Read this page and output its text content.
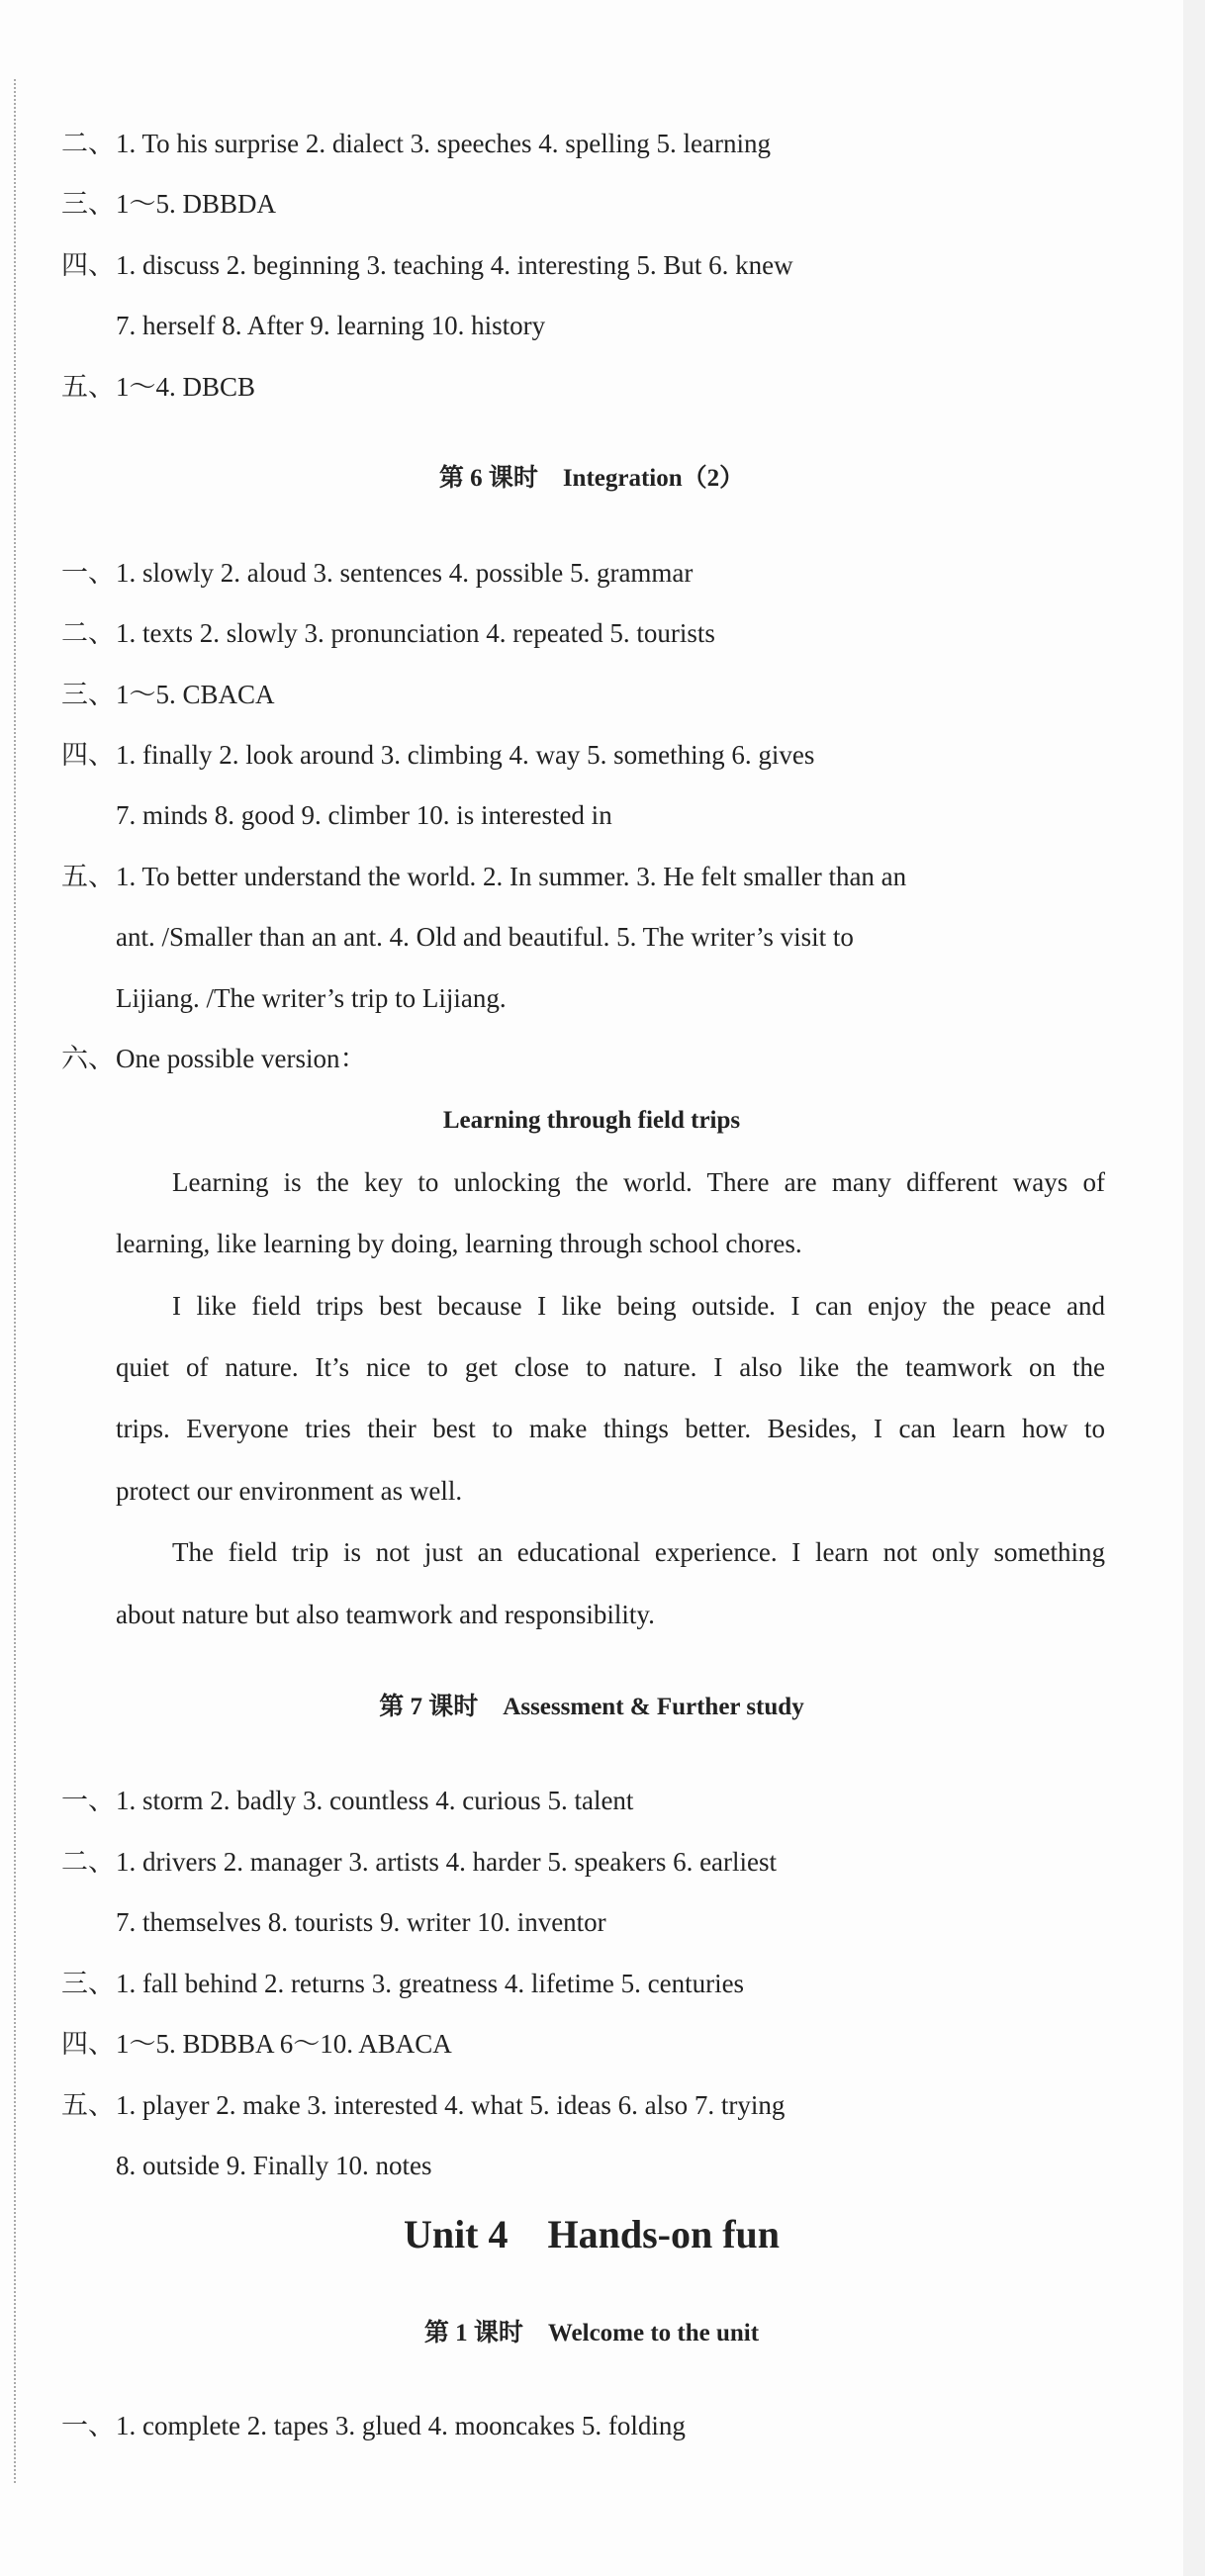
二、 1. To his surprise 2. dialect 3. speeches 4. spelling 5. learning
三、 1～5. DBBDA
四、 1. discuss 2. beginning 3. teaching 4. interesting 5. But 6. knew
7. herself 8. After 9. learning 10. history
五、 1～4. DBCB
第 6 课时　Integration（2）
一、 1. slowly 2. aloud 3. sentences 4. possible 5. grammar
二、 1. texts 2. slowly 3. pronunciation 4. repeated 5. tourists
三、 1～5. CBACA
四、 1. finally 2. look around 3. climbing 4. way 5. something 6. gives
7. minds 8. good 9. climber 10. is interested in
五、 1. To better understand the world. 2. In summer. 3. He felt smaller than an
ant. /Smaller than an ant. 4. Old and beautiful. 5. The writer’s visit to
Lijiang. /The writer’s trip to Lijiang.
六、 One possible version：
Learning through field trips
Learning is the key to unlocking the world. There are many different ways of
learning, like learning by doing, learning through school chores.
I like field trips best because I like being outside. I can enjoy the peace and
quiet of nature. It’s nice to get close to nature. I also like the teamwork on the
trips. Everyone tries their best to make things better. Besides, I can learn how to
protect our environment as well.
The field trip is not just an educational experience. I learn not only something
about nature but also teamwork and responsibility.
第 7 课时　Assessment & Further study
一、 1. storm 2. badly 3. countless 4. curious 5. talent
二、 1. drivers 2. manager 3. artists 4. harder 5. speakers 6. earliest
7. themselves 8. tourists 9. writer 10. inventor
三、 1. fall behind 2. returns 3. greatness 4. lifetime 5. centuries
四、 1～5. BDBBA 6～10. ABACA
五、 1. player 2. make 3. interested 4. what 5. ideas 6. also 7. trying
8. outside 9. Finally 10. notes
Unit 4　Hands-on fun
第 1 课时　Welcome to the unit
一、 1. complete 2. tapes 3. glued 4. mooncakes 5. folding
